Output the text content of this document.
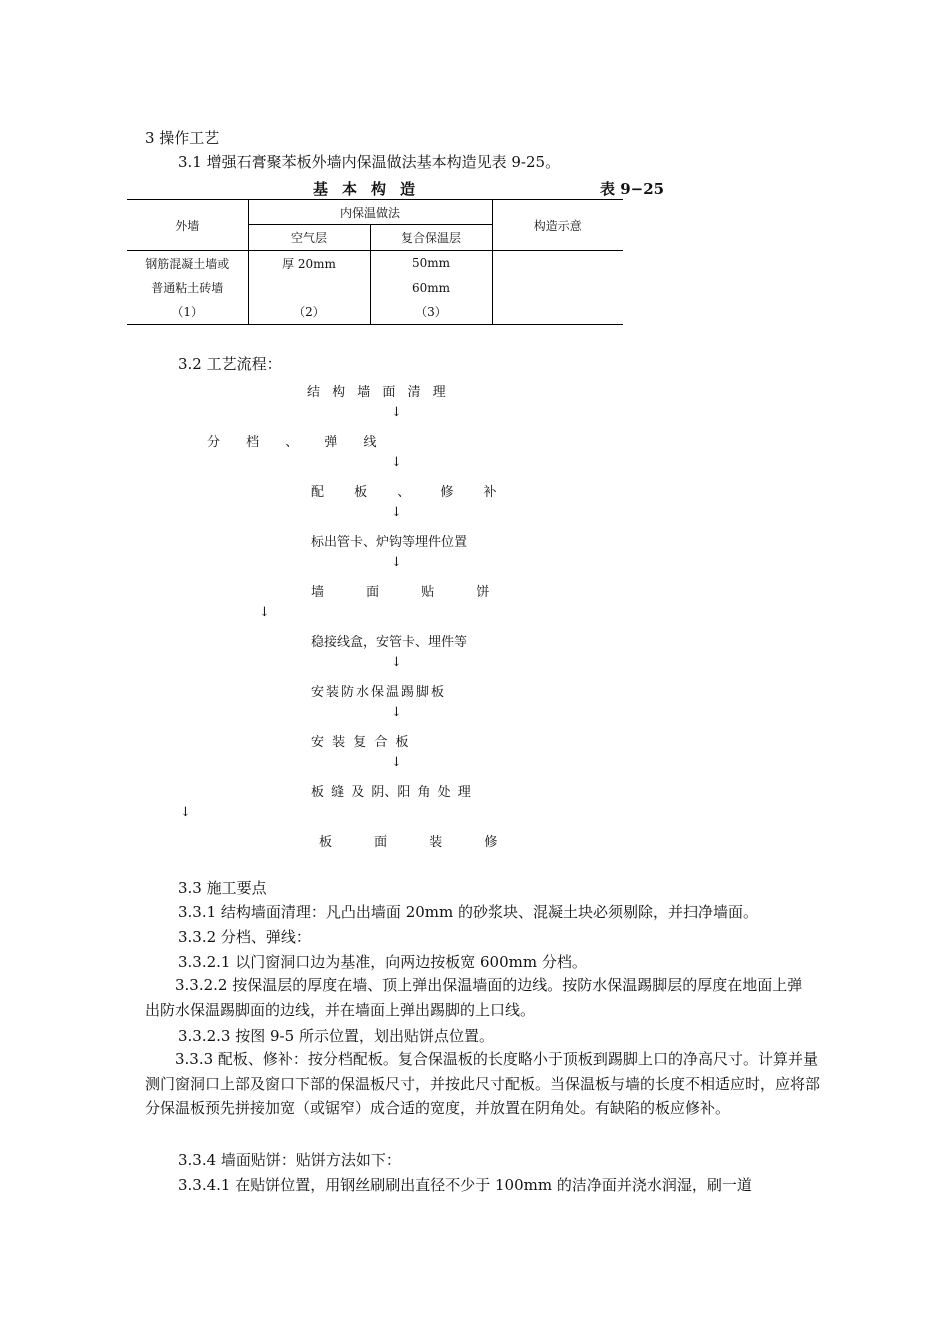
3 操作工艺
3.1 增强石膏聚苯板外墙内保温做法基本构造见表 9-25。
基本构造	表 9−25
外墙	内保温做法		构造示意
	空气层	复合保温层	
钢筋混凝土墙或	厚 20mm	50mm	
普通粘土砖墙		60mm	
（1）	（2）	（3）	
3.2 工艺流程：
结 构 墙 面 清 理
↓
分 档 、 弹 线
↓
配 板 、 修 补
↓
标出管卡、炉钩等埋件位置
↓
墙 面 贴 饼
↓
稳接线盒，安管卡、埋件等
↓
安装防水保温踢脚板
↓
安 装 复 合 板
↓
板 缝 及 阴、阳 角 处 理
↓
板 面 装 修
3.3 施工要点
3.3.1 结构墙面清理：凡凸出墙面 20mm 的砂浆块、混凝土块必须剔除，并扫净墙面。
3.3.2 分档、弹线：
3.3.2.1 以门窗洞口边为基准，向两边按板宽 600mm 分档。
3.3.2.2 按保温层的厚度在墙、顶上弹出保温墙面的边线。按防水保温踢脚层的厚度在地面上弹出防水保温踢脚面的边线，并在墙面上弹出踢脚的上口线。
3.3.2.3 按图 9-5 所示位置，划出贴饼点位置。
3.3.3 配板、修补：按分档配板。复合保温板的长度略小于顶板到踢脚上口的净高尺寸。计算并量测门窗洞口上部及窗口下部的保温板尺寸，并按此尺寸配板。当保温板与墙的长度不相适应时，应将部分保温板预先拼接加宽（或锯窄）成合适的宽度，并放置在阴角处。有缺陷的板应修补。
3.3.4 墙面贴饼：贴饼方法如下：
3.3.4.1 在贴饼位置，用钢丝刷刷出直径不少于 100mm 的洁净面并浇水润湿，刷一道
